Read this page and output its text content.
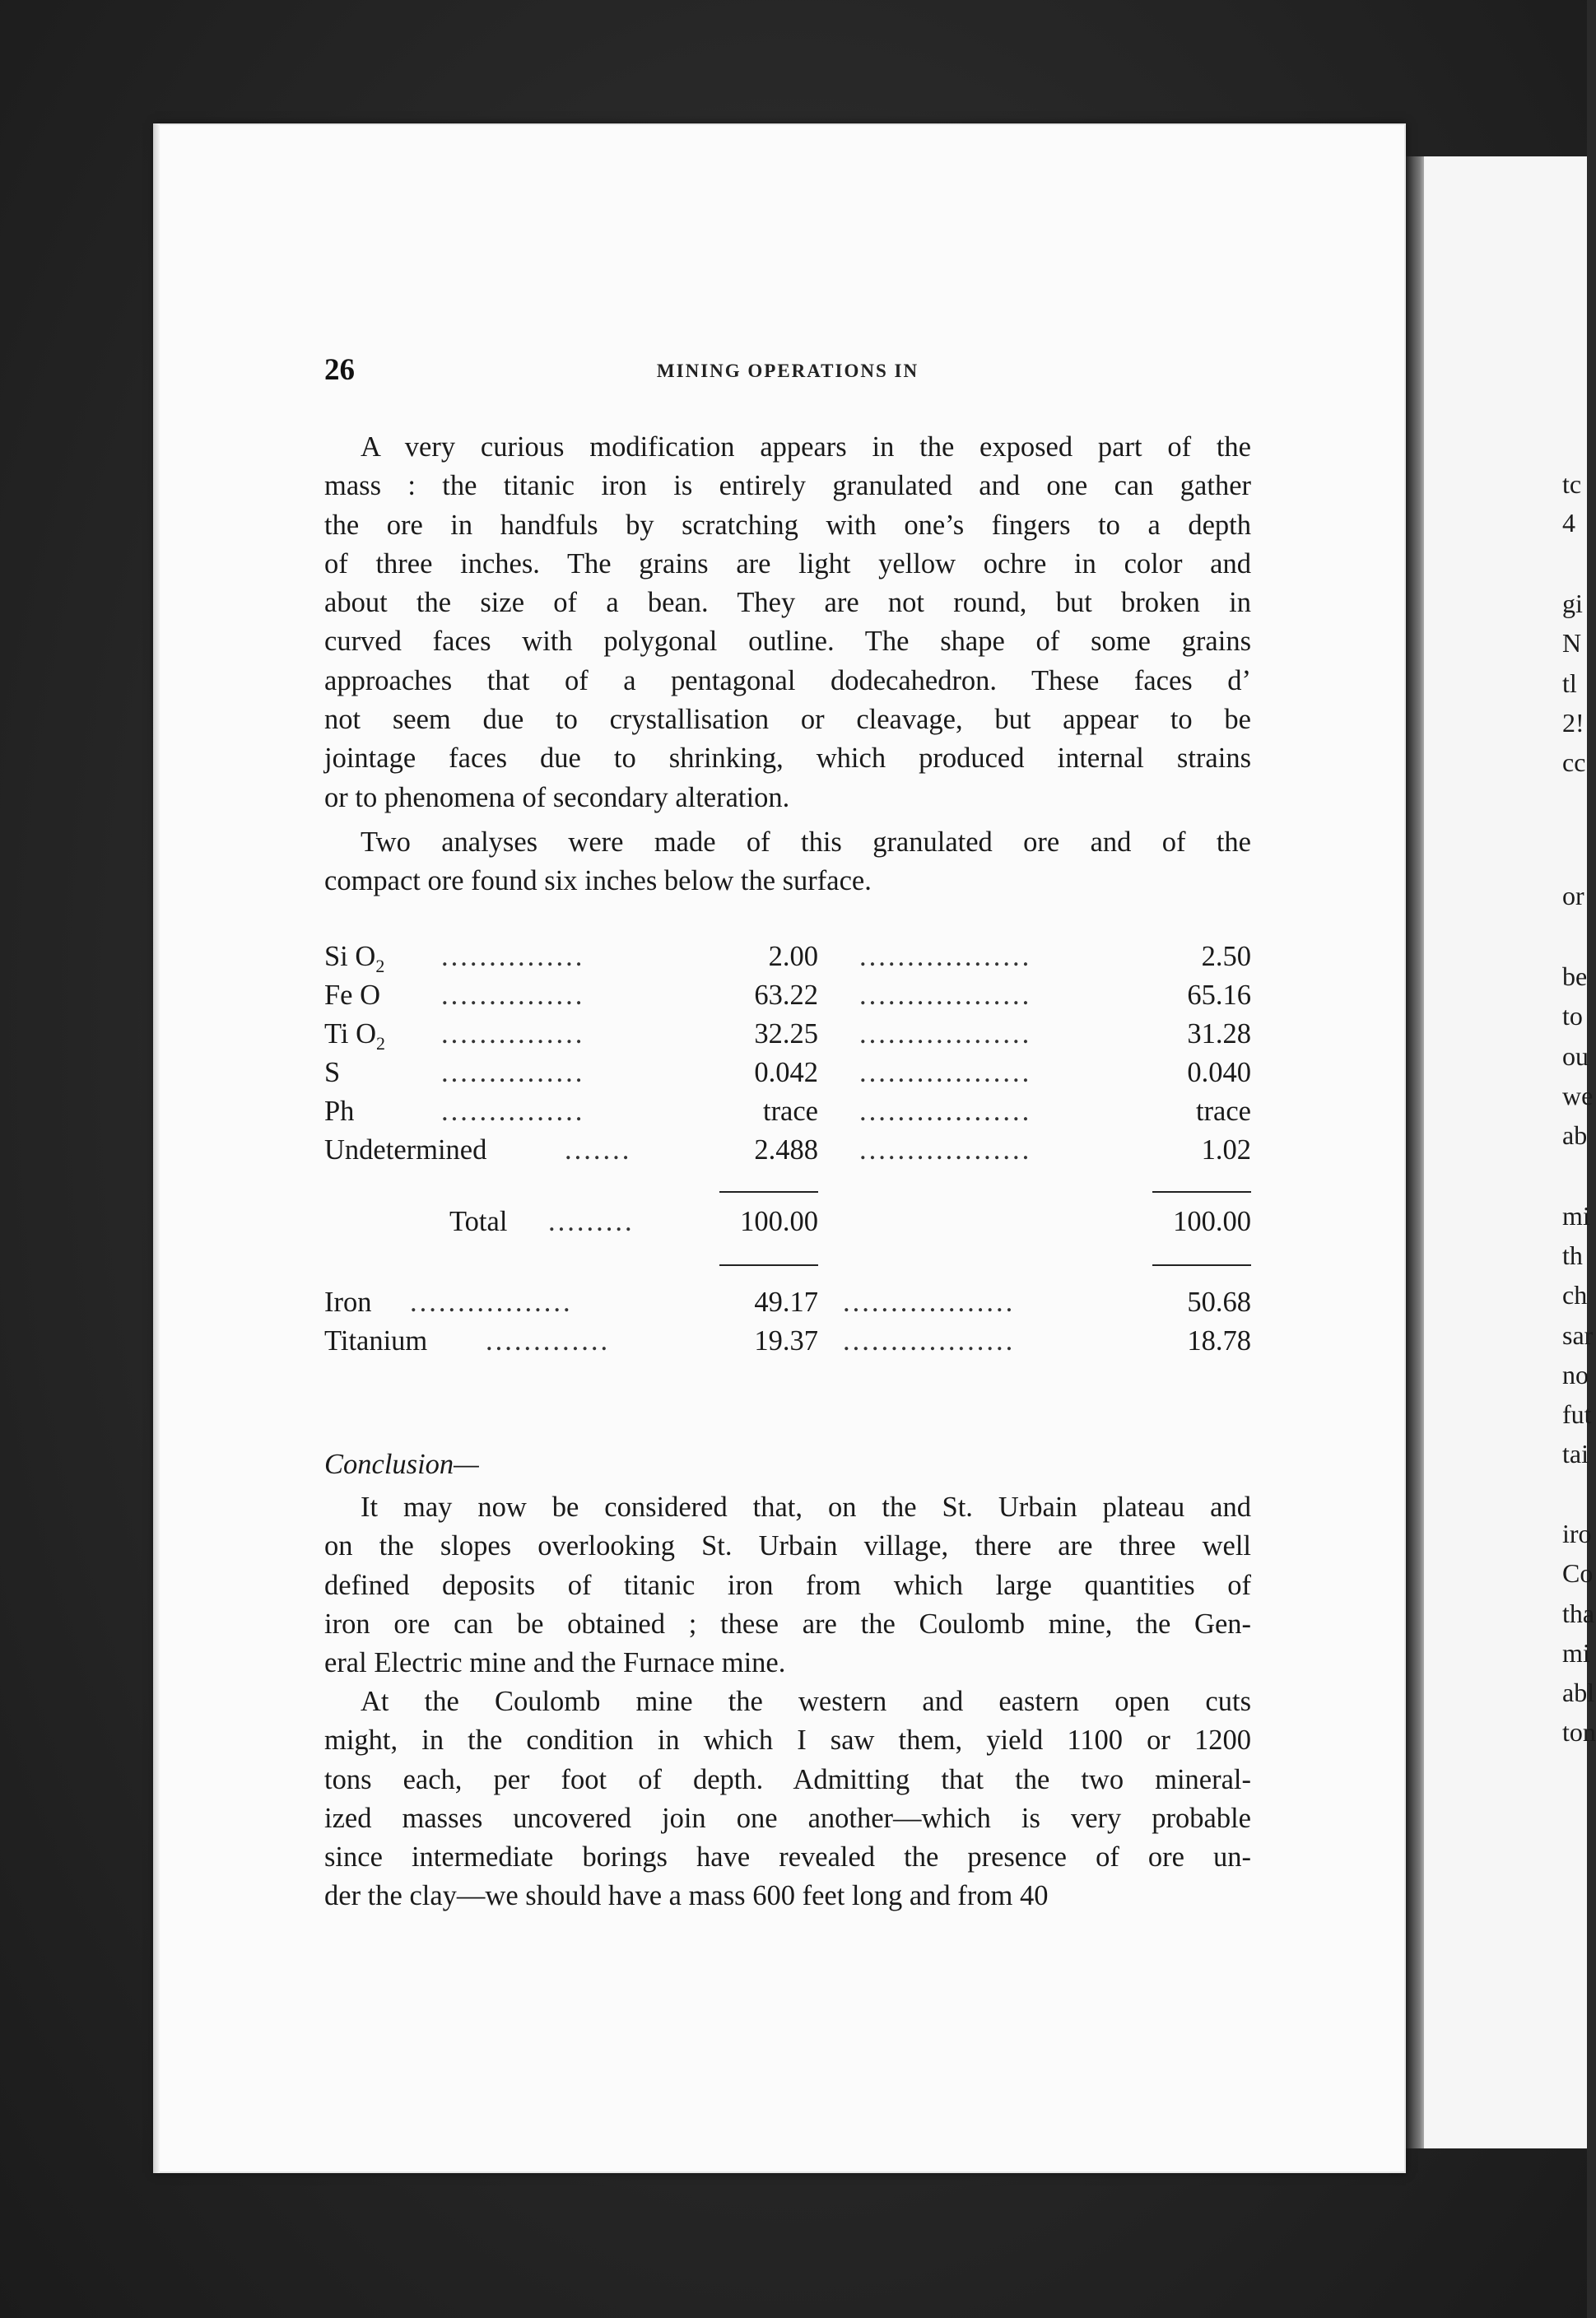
tc
4
gi
N
tl
2!
cc
or
be
to
ou
we
ab
mi
th
ch
sar
no
fut
tai
iro
Co
tha
mi
abl
ton
26	MINING OPERATIONS IN
A very curious modification appears in the exposed part of the
mass : the titanic iron is entirely granulated and one can gather
the ore in handfuls by scratching with one’s fingers to a depth
of three inches. The grains are light yellow ochre in color and
about the size of a bean. They are not round, but broken in
curved faces with polygonal outline. The shape of some grains
approaches that of a pentagonal dodecahedron. These faces dʼ
not seem due to crystallisation or cleavage, but appear to be
jointage faces due to shrinking, which produced internal strains
or to phenomena of secondary alteration.
Two analyses were made of this granulated ore and of the
compact ore found six inches below the surface.
Si $O_2$ ...............	2.00 ..................	2.50
Fe O ...............	63.22 ..................	65.16
Ti $O_2$ ...............	32.25 ..................	31.28
S	...............	0.042 ..................	0.040
Ph	...............	trace ..................	trace
Undetermined	.......	2.488 ..................	1.02
Total .........	100.00	100.00
Iron .................	49.17 ..................	50.68
Titanium .............	19.37 ..................	18.78
Conclusion—
It may now be considered that, on the St. Urbain plateau and
on the slopes overlooking St. Urbain village, there are three well
defined deposits of titanic iron from which large quantities of
iron ore can be obtained ; these are the Coulomb mine, the Gen-
eral Electric mine and the Furnace mine.
At the Coulomb mine the western and eastern open cuts
might, in the condition in which I saw them, yield 1100 or 1200
tons each, per foot of depth. Admitting that the two mineral-
ized masses uncovered join one another—which is very probable
since intermediate borings have revealed the presence of ore un-
der the clay—we should have a mass 600 feet long and from 40
